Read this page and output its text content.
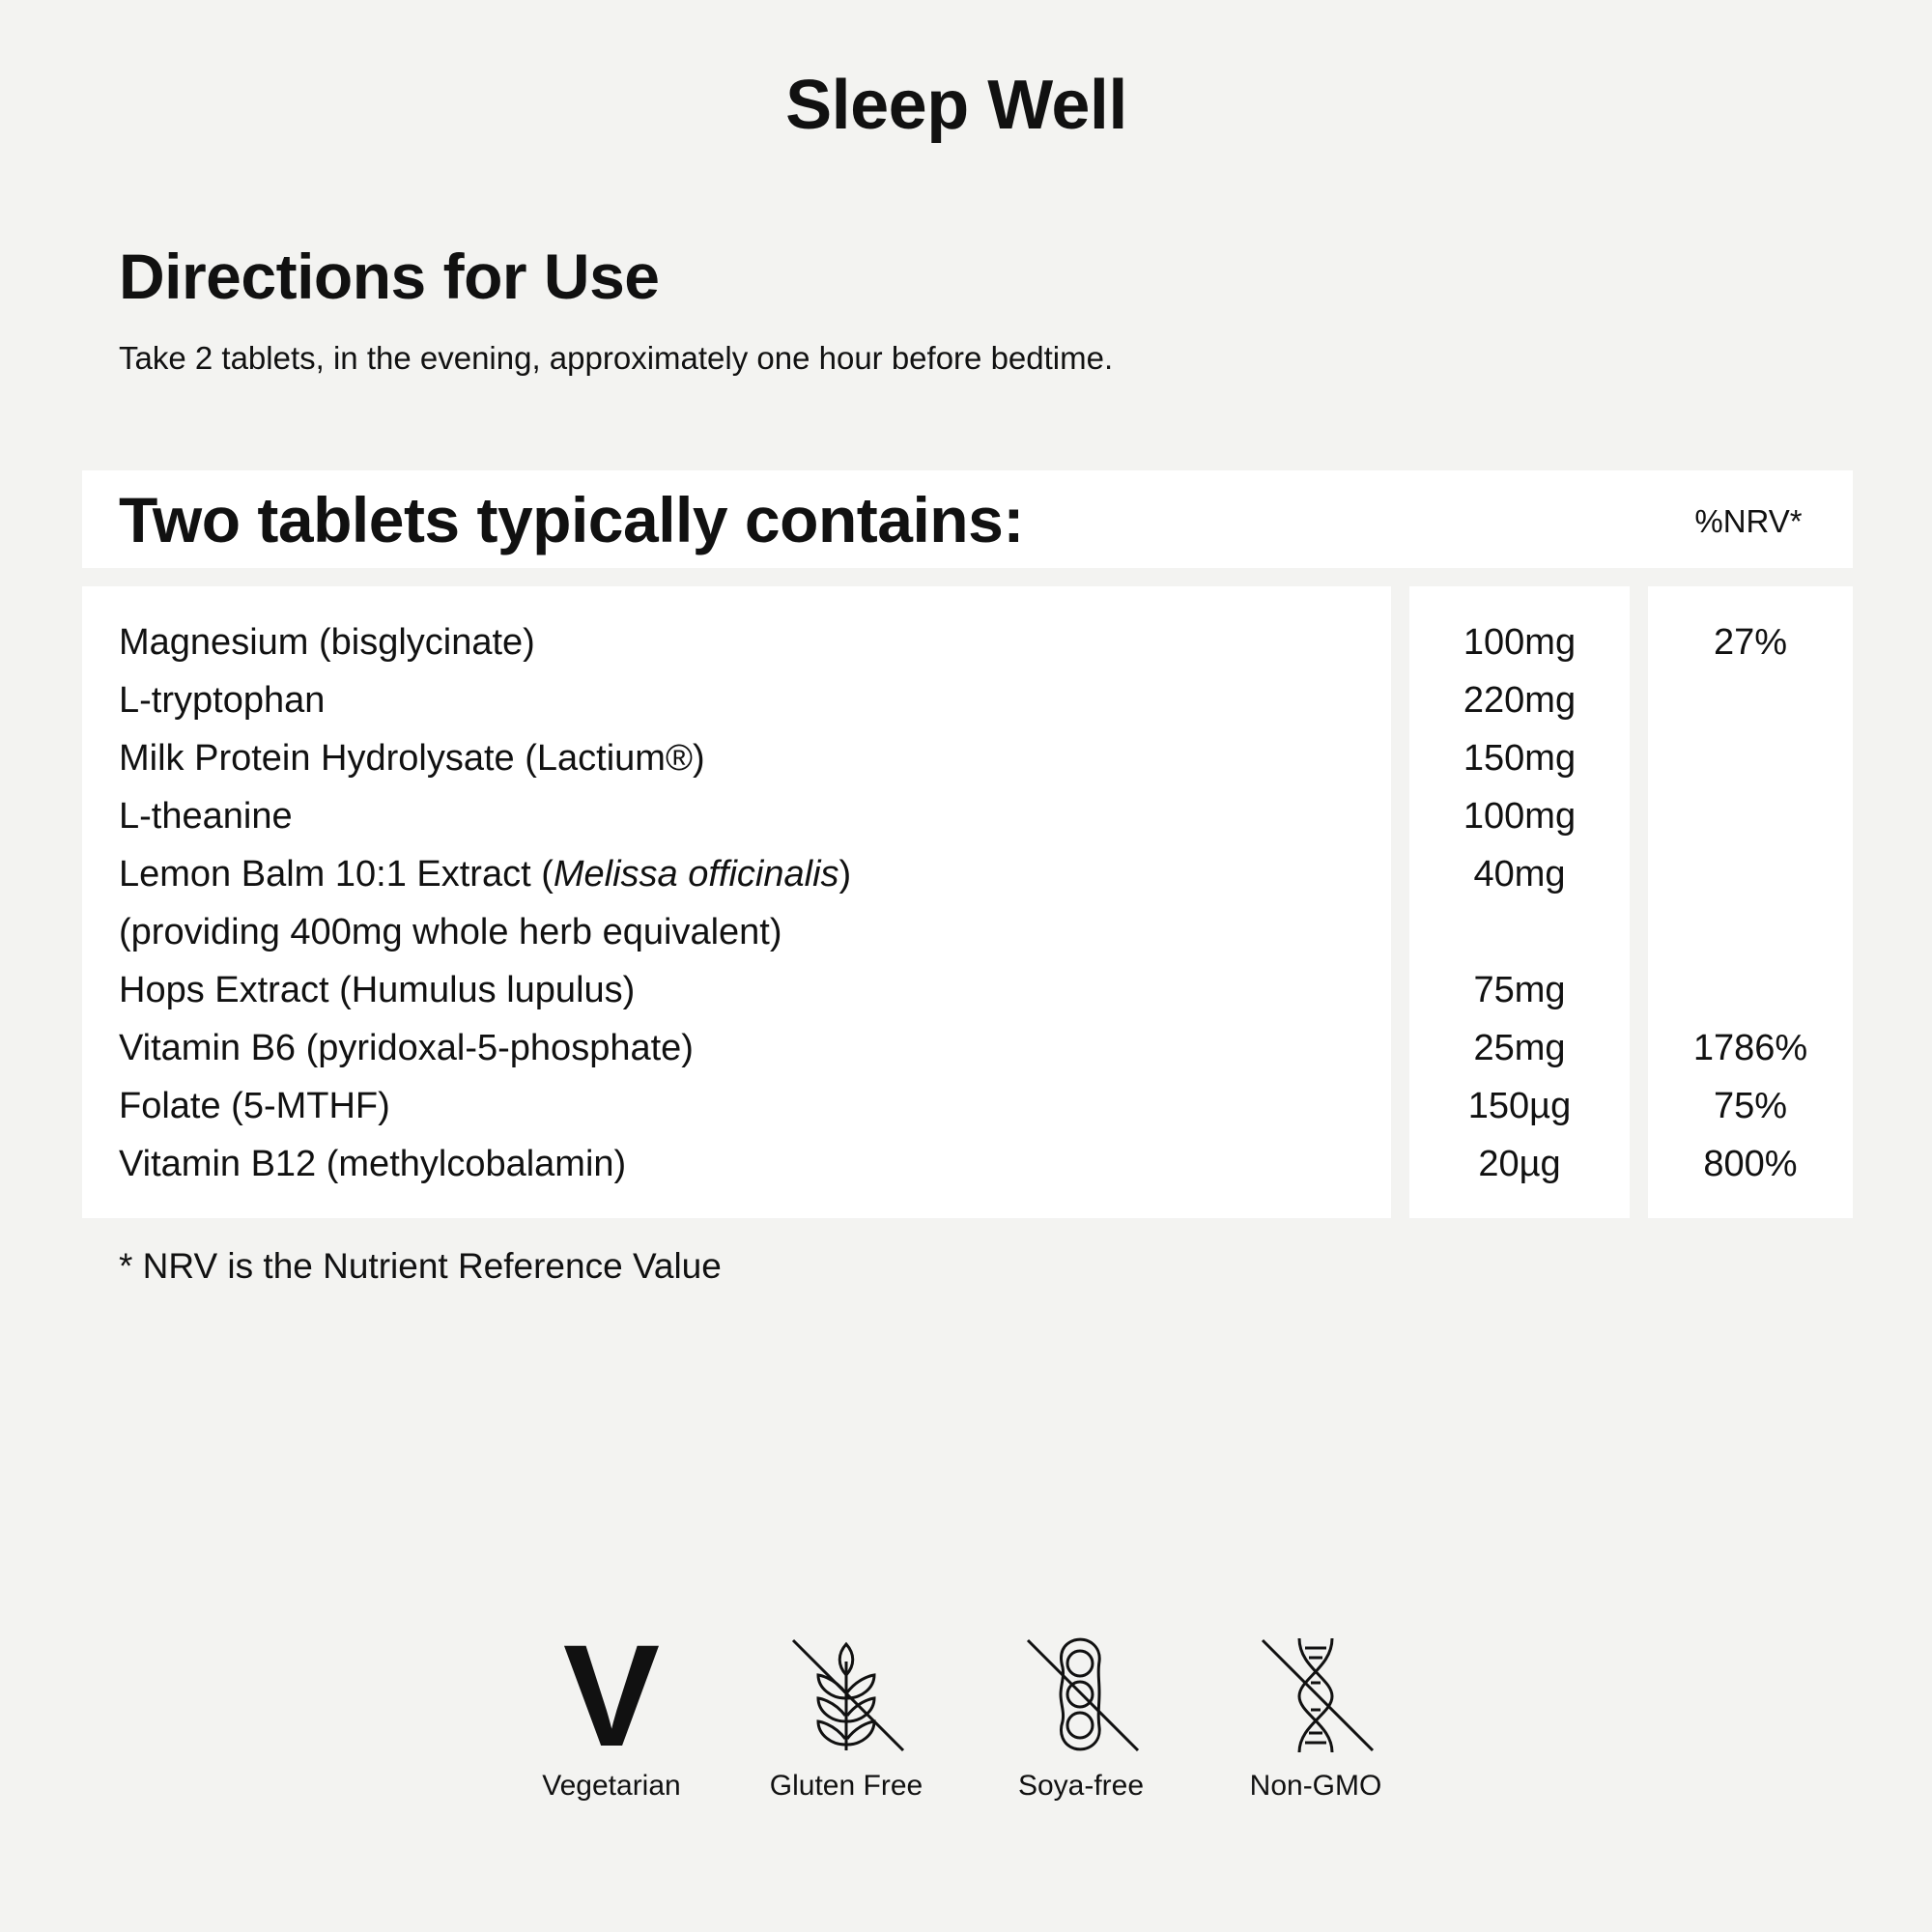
Sleep Well
Directions for Use
Take 2 tablets, in the evening, approximately one hour before bedtime.
Two tablets typically contains:	%NRV*
Magnesium (bisglycinate)	100mg	27%
L-tryptophan	220mg
Milk Protein Hydrolysate (Lactium®)	150mg
L-theanine	100mg
Lemon Balm 10:1 Extract (Melissa officinalis)	40mg
(providing 400mg whole herb equivalent)
Hops Extract (Humulus lupulus)	75mg
Vitamin B6 (pyridoxal-5-phosphate)	25mg	1786%
Folate (5-MTHF)	150µg	75%
Vitamin B12 (methylcobalamin)	20µg	800%
* NRV is the Nutrient Reference Value
V
Vegetarian	Gluten Free	Soya-free	Non-GMO
